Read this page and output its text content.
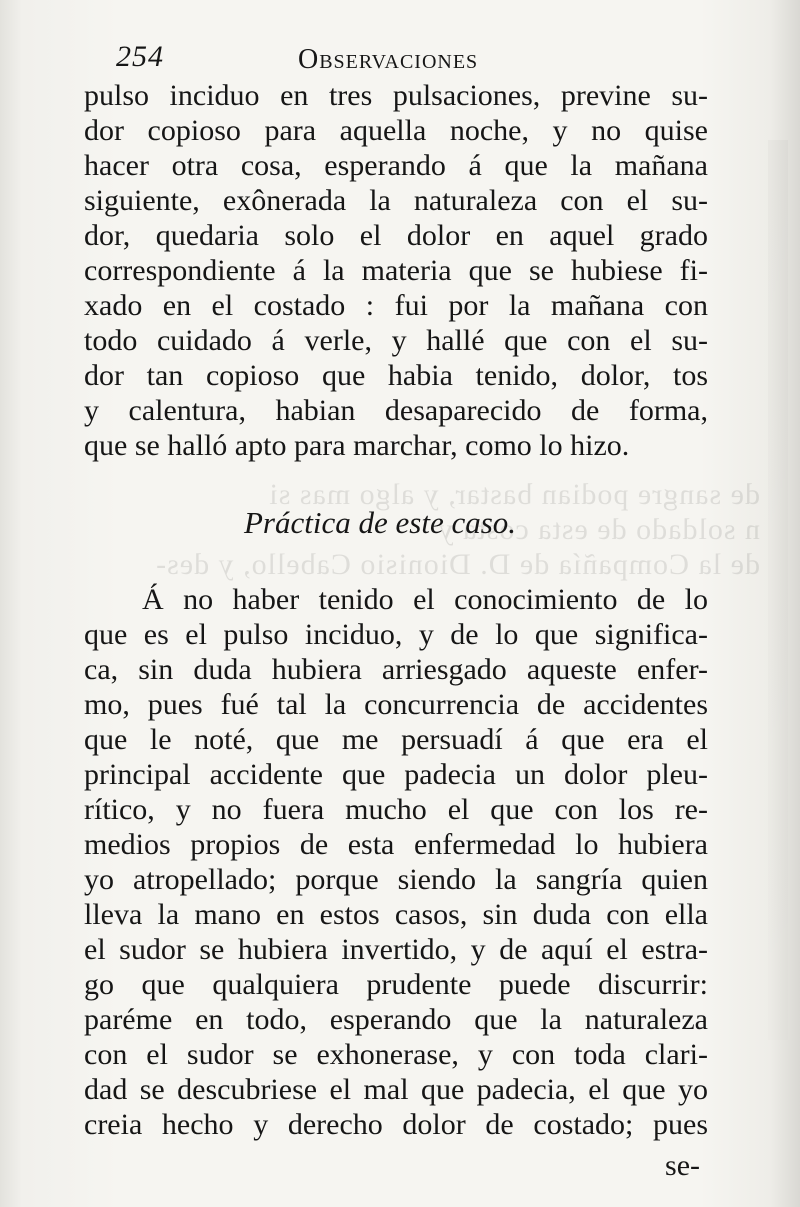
de sangre podian bastar, y algo mas si
n soldado de esta costa y
de la Compañía de D. Dionisio Cabello, y des-
254	Observaciones
pulso inciduo en tres pulsaciones, previne su-
dor copioso para aquella noche, y no quise
hacer otra cosa, esperando á que la mañana
siguiente, exônerada la naturaleza con el su-
dor, quedaria solo el dolor en aquel grado
correspondiente á la materia que se hubiese fi-
xado en el costado : fui por la mañana con
todo cuidado á verle, y hallé que con el su-
dor tan copioso que habia tenido, dolor, tos
y calentura, habian desaparecido de forma,
que se halló apto para marchar, como lo hizo.
Práctica de este caso.
Á no haber tenido el conocimiento de lo
que es el pulso inciduo, y de lo que significa-
ca, sin duda hubiera arriesgado aqueste enfer-
mo, pues fué tal la concurrencia de accidentes
que le noté, que me persuadí á que era el
principal accidente que padecia un dolor pleu-
rítico, y no fuera mucho el que con los re-
medios propios de esta enfermedad lo hubiera
yo atropellado; porque siendo la sangría quien
lleva la mano en estos casos, sin duda con ella
el sudor se hubiera invertido, y de aquí el estra-
go que qualquiera prudente puede discurrir:
paréme en todo, esperando que la naturaleza
con el sudor se exhonerase, y con toda clari-
dad se descubriese el mal que padecia, el que yo
creia hecho y derecho dolor de costado; pues
se-
